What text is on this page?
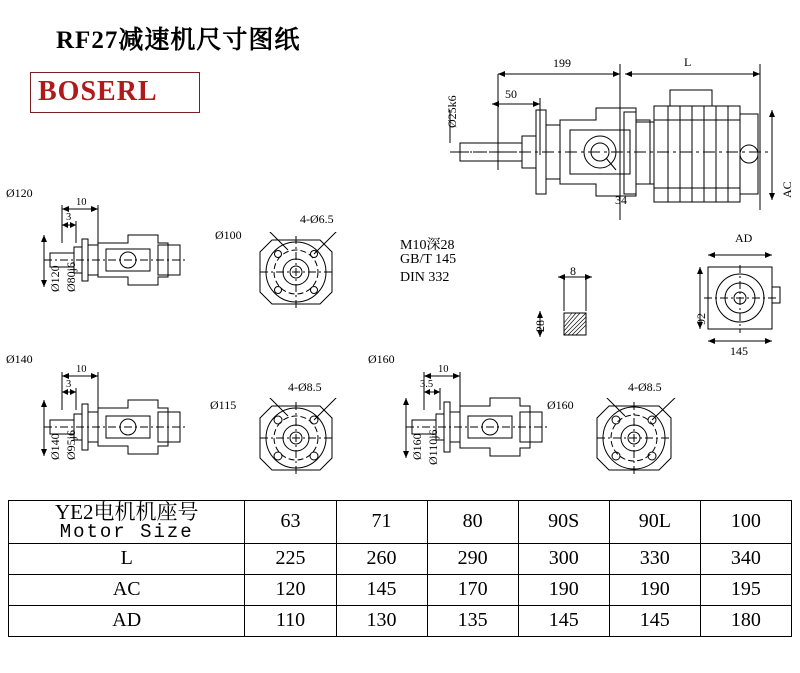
RF27减速机尺寸图纸
BOSERL
199	L
50
Ø25k6
AC
34
M10深28
GB/T 145
DIN 332	8
28
AD
92
145
Ø120
10
3
Ø120 Ø80j6
Ø100
4-Ø6.5
Ø140
10
3
Ø140 Ø95j6
Ø115
4-Ø8.5
Ø160
10
3.5
Ø160 Ø110j6
Ø160
4-Ø8.5
YE2电机机座号
Motor Size	63	71	80	90S	90L	100
L	225	260	290	300	330	340
AC	120	145	170	190	190	195
AD	110	130	135	145	145	180
